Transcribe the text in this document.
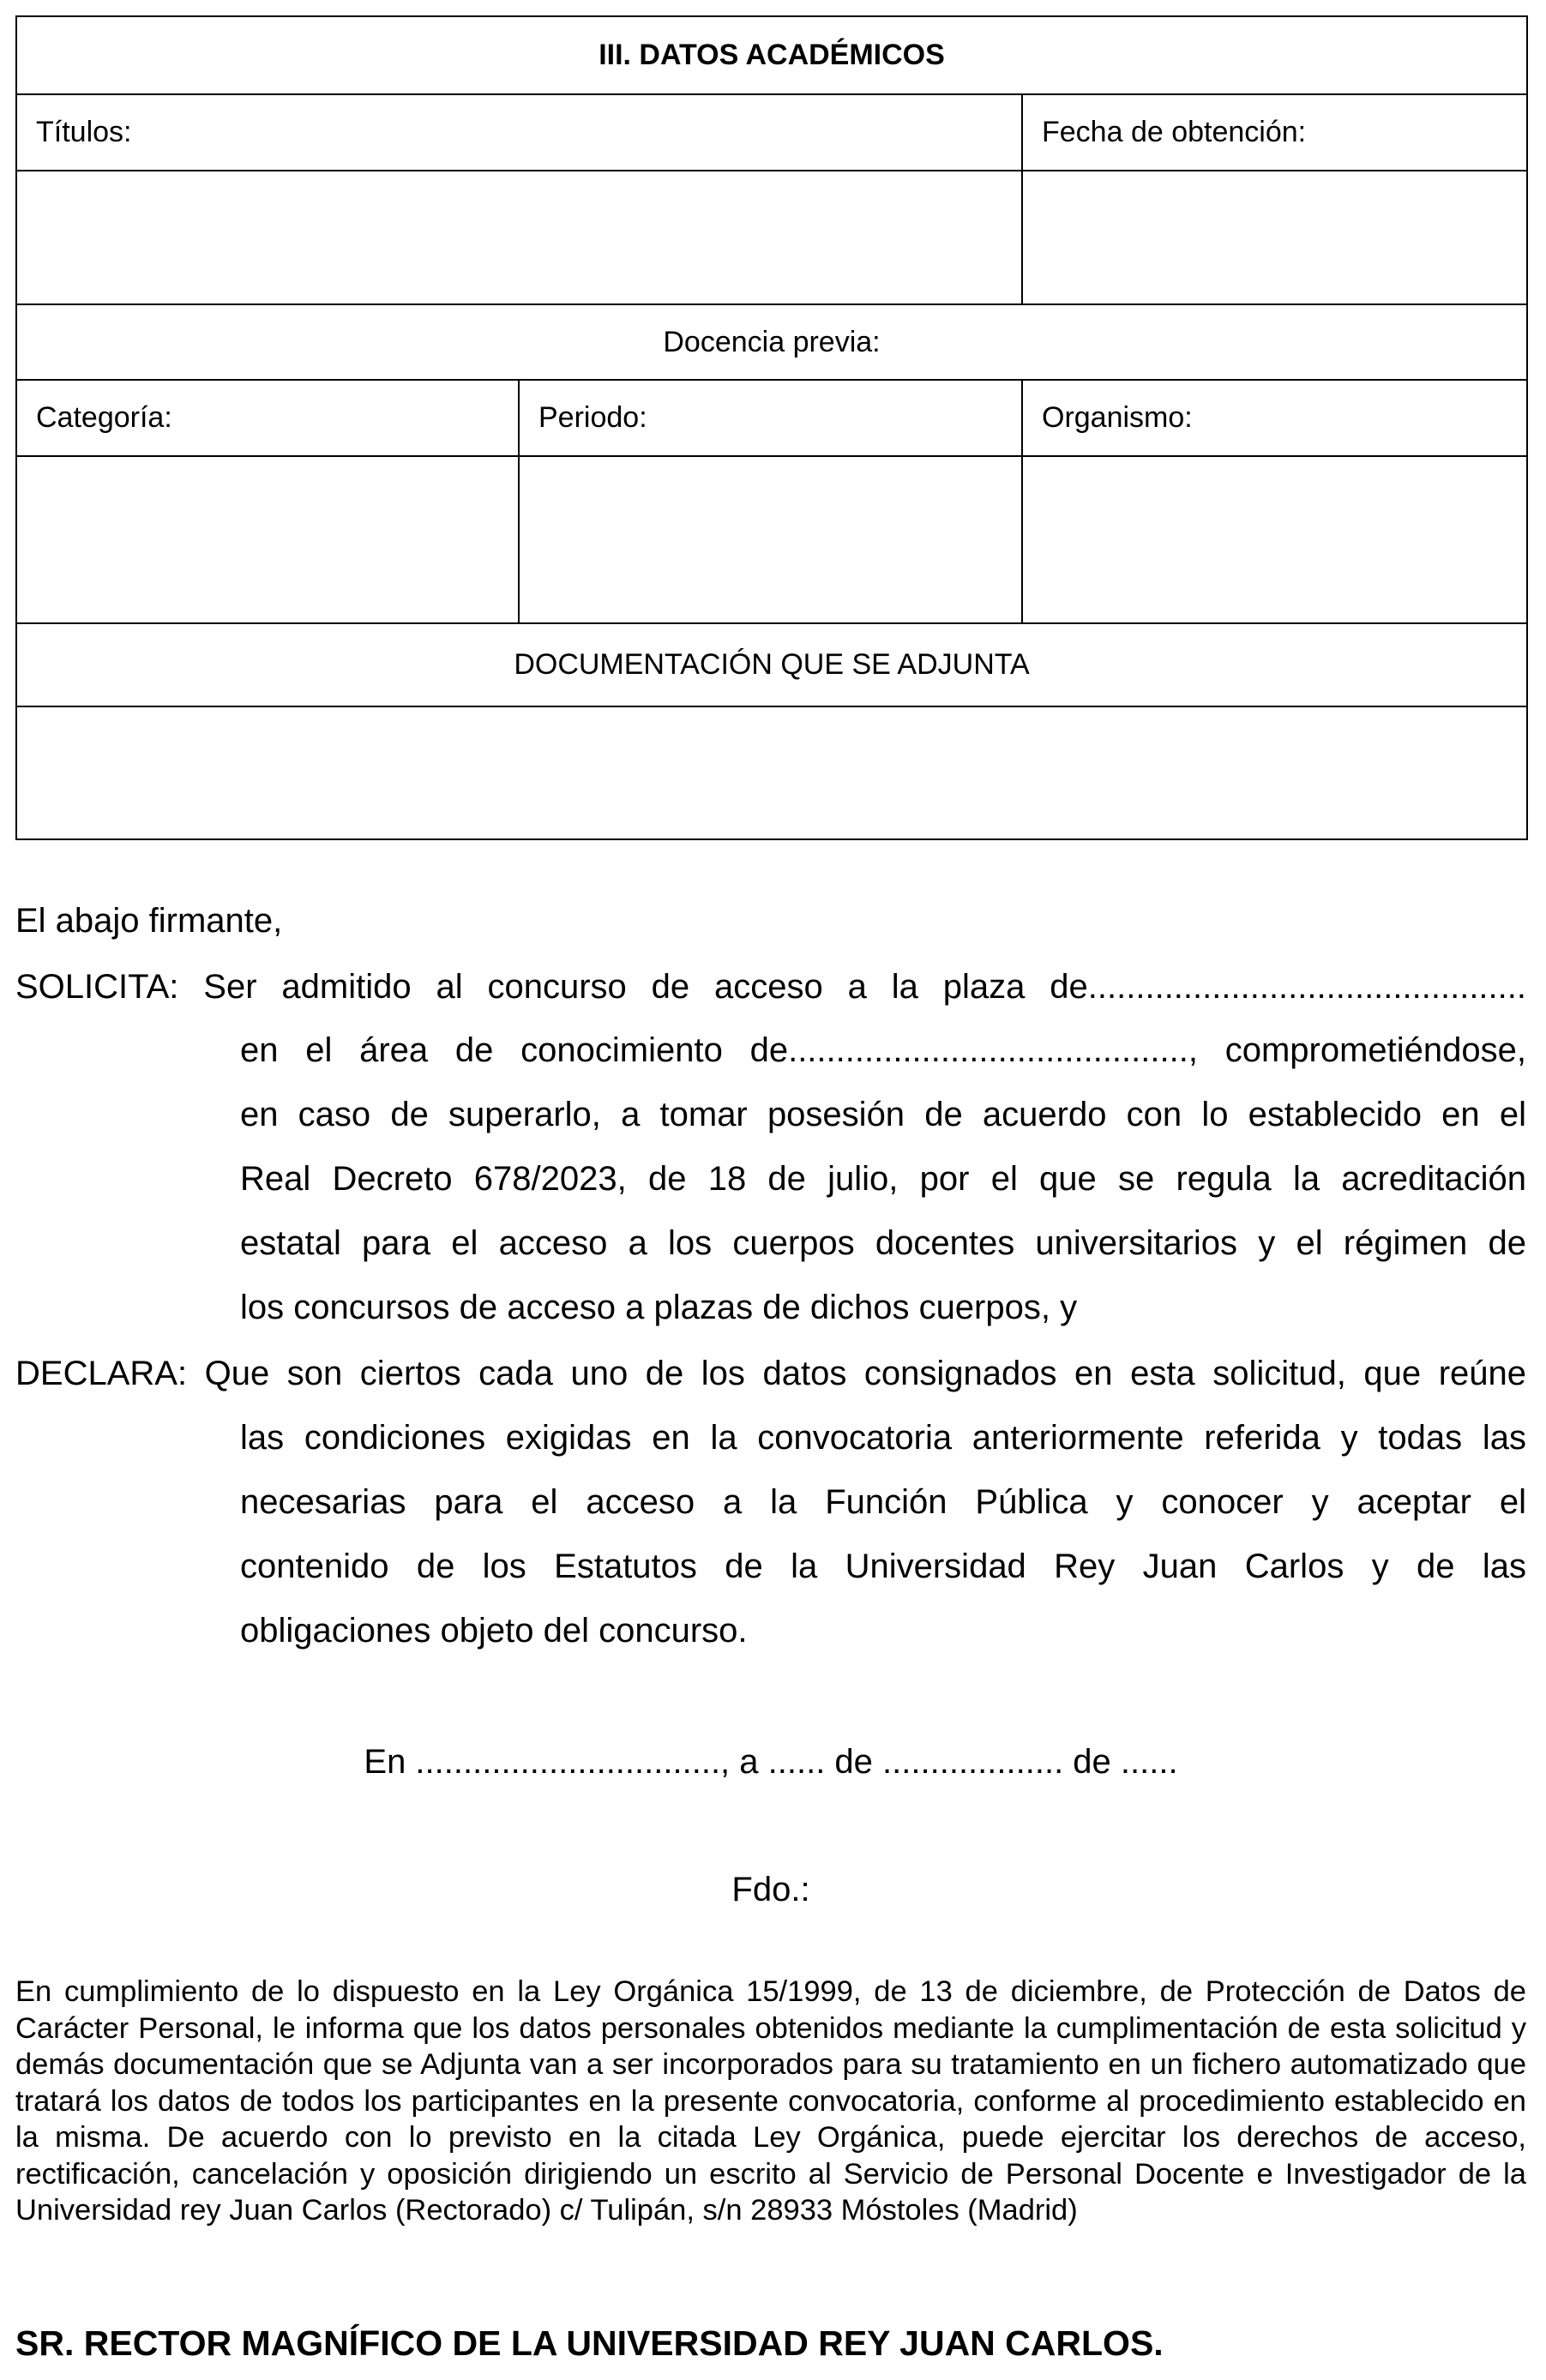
III. DATOS ACADÉMICOS		
Títulos:		Fecha de obtención:

Docencia previa:		
Categoría:	Periodo:	Organismo:

DOCUMENTACIÓN QUE SE ADJUNTA		

El abajo firmante,
SOLICITA: Ser admitido al concurso de acceso a la plaza de..............................................
en el área de conocimiento de.........................................., comprometiéndose,
en caso de superarlo, a tomar posesión de acuerdo con lo establecido en el
Real Decreto 678/2023, de 18 de julio, por el que se regula la acreditación
estatal para el acceso a los cuerpos docentes universitarios y el régimen de
los concursos de acceso a plazas de dichos cuerpos, y
DECLARA: Que son ciertos cada uno de los datos consignados en esta solicitud, que reúne
las condiciones exigidas en la convocatoria anteriormente referida y todas las
necesarias para el acceso a la Función Pública y conocer y aceptar el
contenido de los Estatutos de la Universidad Rey Juan Carlos y de las
obligaciones objeto del concurso.
En ................................, a ...... de ................... de ......
Fdo.:
En cumplimiento de lo dispuesto en la Ley Orgánica 15/1999, de 13 de diciembre, de Protección de Datos de Carácter Personal, le informa que los datos personales obtenidos mediante la cumplimentación de esta solicitud y demás documentación que se Adjunta van a ser incorporados para su tratamiento en un fichero automatizado que tratará los datos de todos los participantes en la presente convocatoria, conforme al procedimiento establecido en la misma. De acuerdo con lo previsto en la citada Ley Orgánica, puede ejercitar los derechos de acceso, rectificación, cancelación y oposición dirigiendo un escrito al Servicio de Personal Docente e Investigador de la Universidad rey Juan Carlos (Rectorado) c/ Tulipán, s/n 28933 Móstoles (Madrid)
SR. RECTOR MAGNÍFICO DE LA UNIVERSIDAD REY JUAN CARLOS.
